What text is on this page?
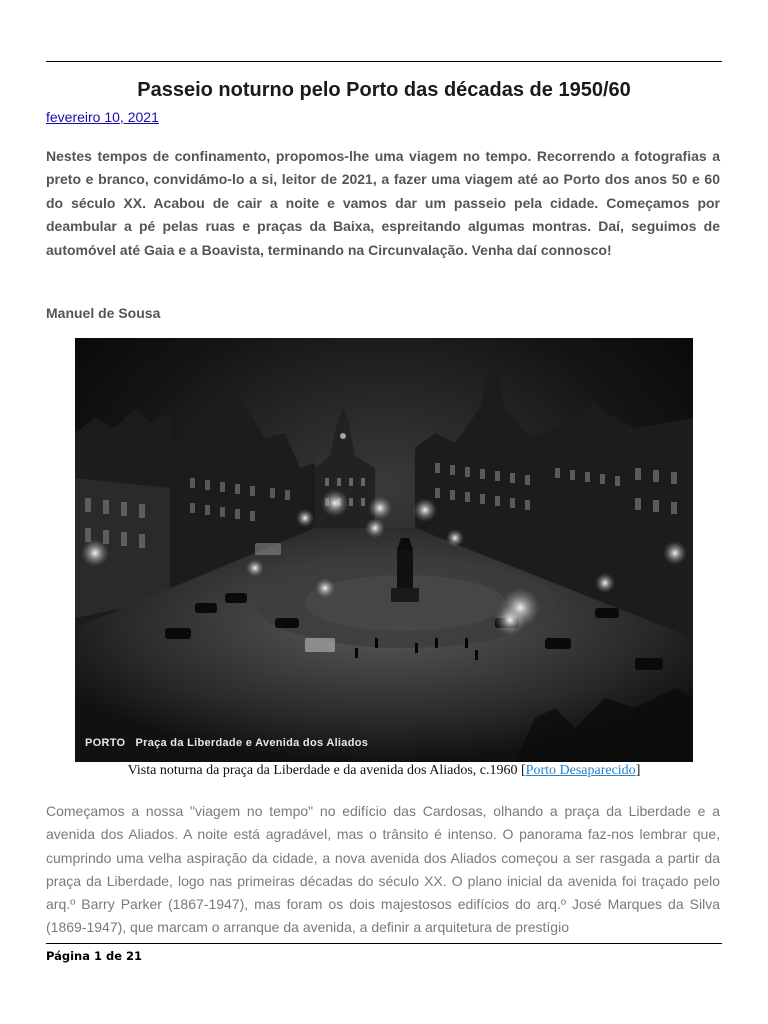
Passeio noturno pelo Porto das décadas de 1950/60
fevereiro 10, 2021

Nestes tempos de confinamento, propomos-lhe uma viagem no tempo. Recorrendo a fotografias a preto e branco, convidámo-lo a si, leitor de 2021, a fazer uma viagem até ao Porto dos anos 50 e 60 do século XX. Acabou de cair a noite e vamos dar um passeio pela cidade. Começamos por deambular a pé pelas ruas e praças da Baixa, espreitando algumas montras. Daí, seguimos de automóvel até Gaia e a Boavista, terminando na Circunvalação. Venha daí connosco!

Manuel de Sousa
PORTO   Praça da Liberdade e Avenida dos Aliados
Vista noturna da praça da Liberdade e da avenida dos Aliados, c.1960 [Porto Desaparecido]

Começamos a nossa "viagem no tempo" no edifício das Cardosas, olhando a praça da Liberdade e a avenida dos Aliados. A noite está agradável, mas o trânsito é intenso. O panorama faz-nos lembrar que, cumprindo uma velha aspiração da cidade, a nova avenida dos Aliados começou a ser rasgada a partir da praça da Liberdade, logo nas primeiras décadas do século XX. O plano inicial da avenida foi traçado pelo arq.º Barry Parker (1867-1947), mas foram os dois majestosos edifícios do arq.º José Marques da Silva (1869-1947), que marcam o arranque da avenida, a definir a arquitetura de prestígio

Página 1 de 21
